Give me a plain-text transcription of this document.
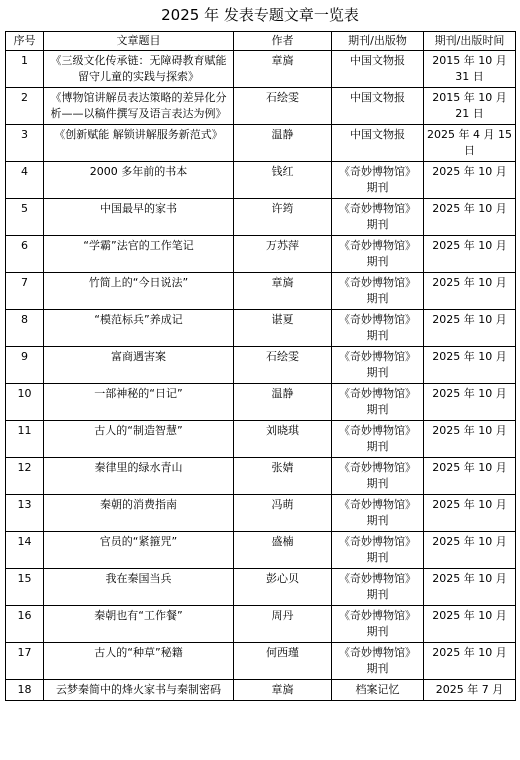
2025 年 发表专题文章一览表
序号	文章题目	作者	期刊/出版物	期刊/出版时间
1	《三级文化传承链：无障碍教育赋能留守儿童的实践与探索》	章旖	中国文物报	2015 年 10 月 31 日
2	《博物馆讲解员表达策略的差异化分析——以稿件撰写及语言表达为例》	石绘雯	中国文物报	2015 年 10 月 21 日
3	《创新赋能 解锁讲解服务新范式》	温静	中国文物报	2025 年 4 月 15 日
4	2000 多年前的书本	钱红	《奇妙博物馆》期刊	2025 年 10 月
5	中国最早的家书	许筠	《奇妙博物馆》期刊	2025 年 10 月
6	“学霸”法官的工作笔记	万苏萍	《奇妙博物馆》期刊	2025 年 10 月
7	竹简上的“今日说法”	章旖	《奇妙博物馆》期刊	2025 年 10 月
8	“模范标兵”养成记	谌夏	《奇妙博物馆》期刊	2025 年 10 月
9	富商遇害案	石绘雯	《奇妙博物馆》期刊	2025 年 10 月
10	一部神秘的“日记”	温静	《奇妙博物馆》期刊	2025 年 10 月
11	古人的“制造智慧”	刘晓琪	《奇妙博物馆》期刊	2025 年 10 月
12	秦律里的绿水青山	张婧	《奇妙博物馆》期刊	2025 年 10 月
13	秦朝的消费指南	冯萌	《奇妙博物馆》期刊	2025 年 10 月
14	官员的“紧箍咒”	盛楠	《奇妙博物馆》期刊	2025 年 10 月
15	我在秦国当兵	彭心贝	《奇妙博物馆》期刊	2025 年 10 月
16	秦朝也有“工作餐”	周丹	《奇妙博物馆》期刊	2025 年 10 月
17	古人的“种草”秘籍	何西瑾	《奇妙博物馆》期刊	2025 年 10 月
18	云梦秦简中的烽火家书与秦制密码	章旖	档案记忆	2025 年 7 月
